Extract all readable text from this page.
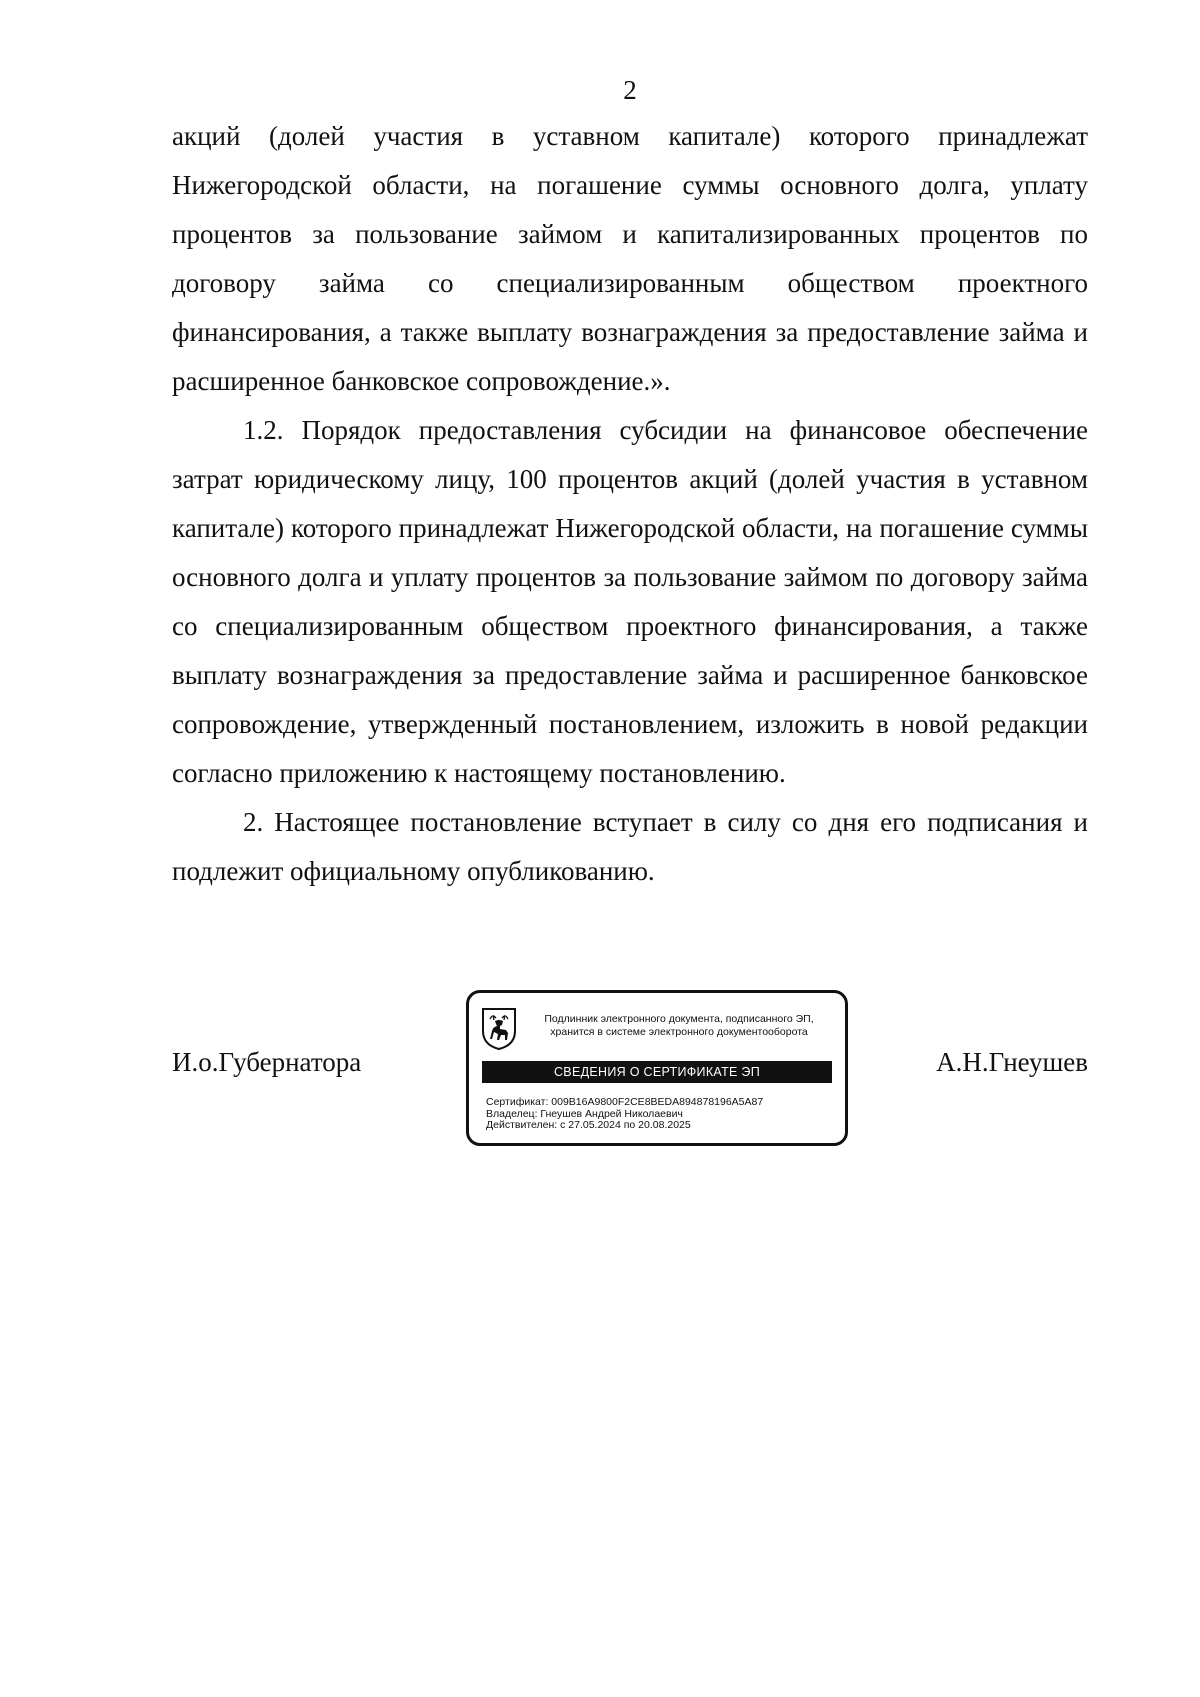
2

акций (долей участия в уставном капитале) которого принадлежат Нижегородской области, на погашение суммы основного долга, уплату процентов за пользование займом и капитализированных процентов по договору займа со специализированным обществом проектного финансирования, а также выплату вознаграждения за предоставление займа и расширенное банковское сопровождение.».

1.2. Порядок предоставления субсидии на финансовое обеспечение затрат юридическому лицу, 100 процентов акций (долей участия в уставном капитале) которого принадлежат Нижегородской области, на погашение суммы основного долга и уплату процентов за пользование займом по договору займа со специализированным обществом проектного финансирования, а также выплату вознаграждения за предоставление займа и расширенное банковское сопровождение, утвержденный постановлением, изложить в новой редакции согласно приложению к настоящему постановлению.

2. Настоящее постановление вступает в силу со дня его подписания и подлежит официальному опубликованию.

И.о.Губернатора	А.Н.Гнеушев
Подлинник электронного документа, подписанного ЭП,
хранится в системе электронного документооборота
СВЕДЕНИЯ О СЕРТИФИКАТЕ ЭП
Сертификат: 009B16A9800F2CE8BEDA894878196A5A87
Владелец: Гнеушев Андрей Николаевич
Действителен: с 27.05.2024 по 20.08.2025
